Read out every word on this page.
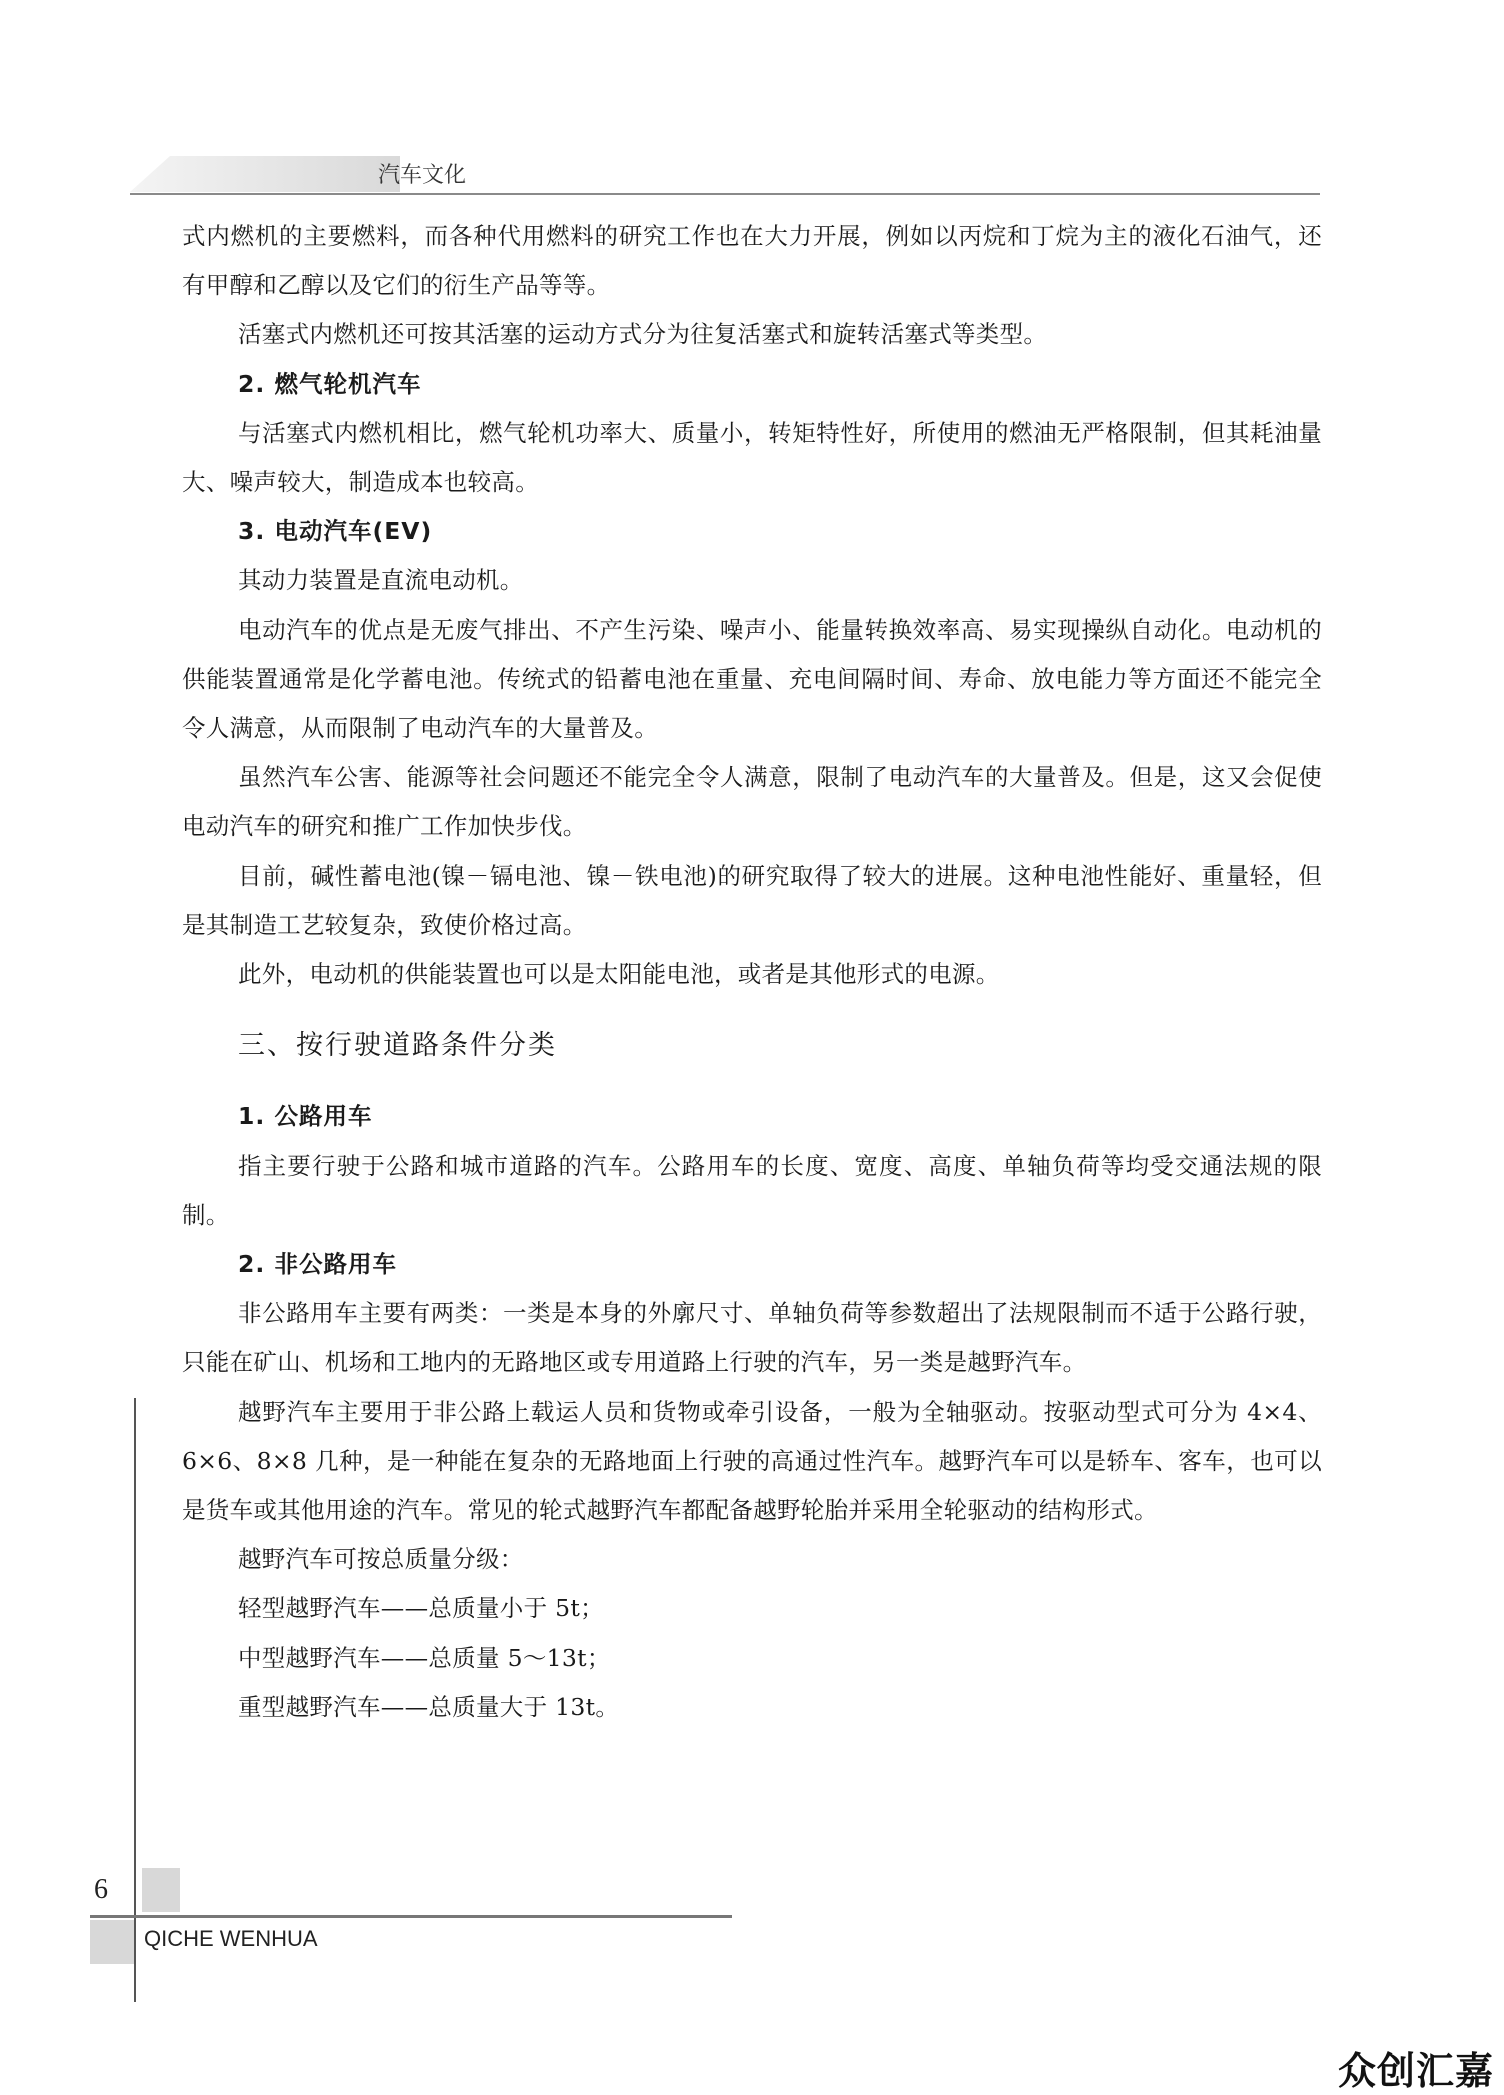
汽车文化

式内燃机的主要燃料，而各种代用燃料的研究工作也在大力开展，例如以丙烷和丁烷为主的液化石油气，还有甲醇和乙醇以及它们的衍生产品等等。

活塞式内燃机还可按其活塞的运动方式分为往复活塞式和旋转活塞式等类型。

2. 燃气轮机汽车

与活塞式内燃机相比，燃气轮机功率大、质量小，转矩特性好，所使用的燃油无严格限制，但其耗油量大、噪声较大，制造成本也较高。

3. 电动汽车(EV)

其动力装置是直流电动机。

电动汽车的优点是无废气排出、不产生污染、噪声小、能量转换效率高、易实现操纵自动化。电动机的供能装置通常是化学蓄电池。传统式的铅蓄电池在重量、充电间隔时间、寿命、放电能力等方面还不能完全令人满意，从而限制了电动汽车的大量普及。

虽然汽车公害、能源等社会问题还不能完全令人满意，限制了电动汽车的大量普及。但是，这又会促使电动汽车的研究和推广工作加快步伐。

目前，碱性蓄电池(镍－镉电池、镍－铁电池)的研究取得了较大的进展。这种电池性能好、重量轻，但是其制造工艺较复杂，致使价格过高。

此外，电动机的供能装置也可以是太阳能电池，或者是其他形式的电源。

三、按行驶道路条件分类
1. 公路用车

指主要行驶于公路和城市道路的汽车。公路用车的长度、宽度、高度、单轴负荷等均受交通法规的限制。

2. 非公路用车

非公路用车主要有两类：一类是本身的外廓尺寸、单轴负荷等参数超出了法规限制而不适于公路行驶，只能在矿山、机场和工地内的无路地区或专用道路上行驶的汽车，另一类是越野汽车。

越野汽车主要用于非公路上载运人员和货物或牵引设备，一般为全轴驱动。按驱动型式可分为 4×4、6×6、8×8 几种，是一种能在复杂的无路地面上行驶的高通过性汽车。越野汽车可以是轿车、客车，也可以是货车或其他用途的汽车。常见的轮式越野汽车都配备越野轮胎并采用全轮驱动的结构形式。

越野汽车可按总质量分级：

轻型越野汽车——总质量小于 5t；

中型越野汽车——总质量 5～13t；

重型越野汽车——总质量大于 13t。

6
QICHE WENHUA
众创汇嘉
